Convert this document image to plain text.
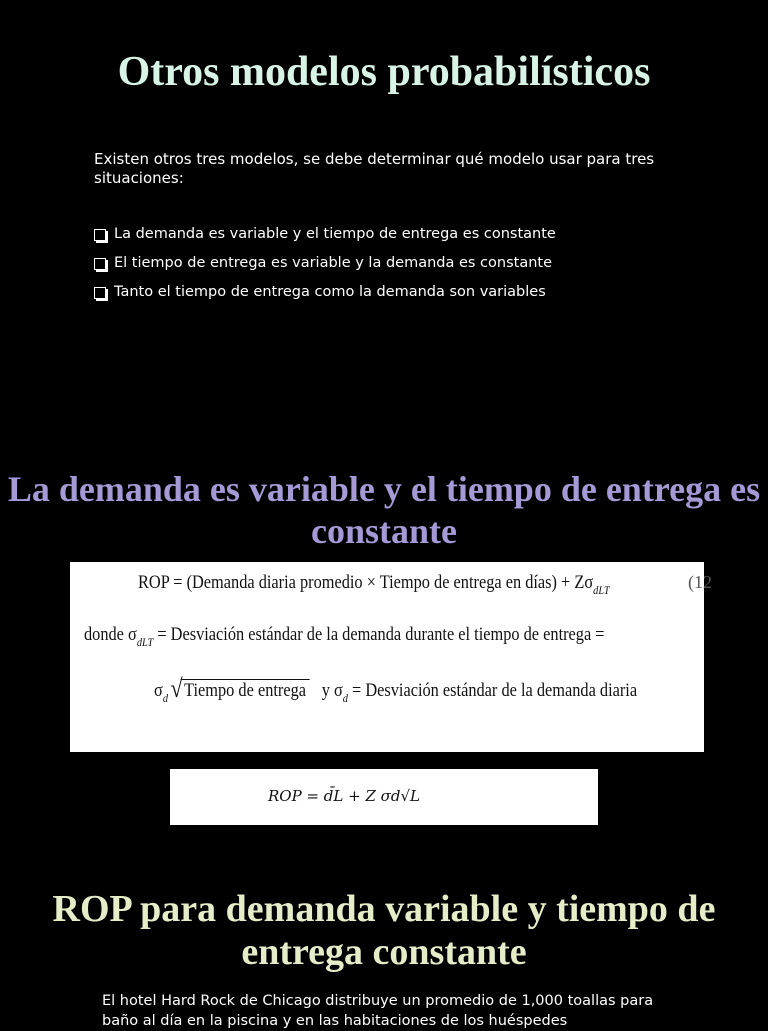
Otros modelos probabilísticos
Existen otros tres modelos, se debe determinar qué modelo usar para tres situaciones:
La demanda es variable y el tiempo de entrega es constante
El tiempo de entrega es variable y la demanda es constante
Tanto el tiempo de entrega como la demanda son variables
La demanda es variable y el tiempo de entrega es constante
ROP = (Demanda diaria promedio × Tiempo de entrega en días) + $Z\sigma_{dLT}$	(12
donde $\sigma_{dLT}$ = Desviación estándar de la demanda durante el tiempo de entrega =
$\sigma_d$ √ Tiempo de entrega y $\sigma_d$ = Desviación estándar de la demanda diaria
ROP = d̄L + Z σd√L
ROP para demanda variable y tiempo de entrega constante
El hotel Hard Rock de Chicago distribuye un promedio de 1,000 toallas para baño al día en la piscina y en las habitaciones de los huéspedes
